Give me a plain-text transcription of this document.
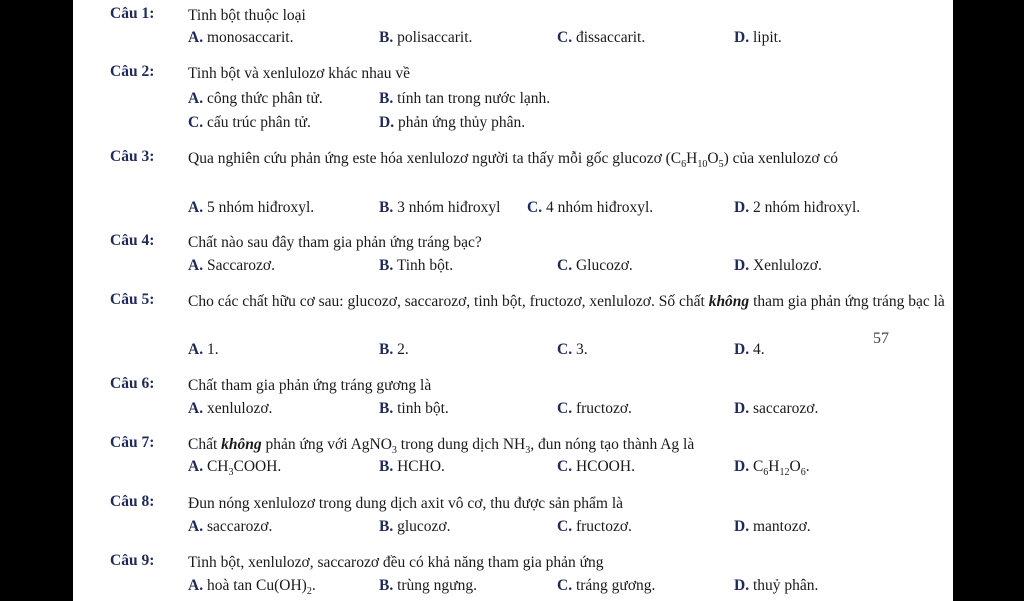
Câu 1: Tinh bột thuộc loại
A. monosaccarit.	B. polisaccarit.	C. đissaccarit.	D. lipit.
Câu 2: Tinh bột và xenlulozơ khác nhau về
A. công thức phân tử.	B. tính tan trong nước lạnh.
C. cấu trúc phân tử.	D. phản ứng thủy phân.
Câu 3: Qua nghiên cứu phản ứng este hóa xenlulozơ người ta thấy mỗi gốc glucozơ $(C_6H_{10}O_5)$ của xenlulozơ có
A. 5 nhóm hiđroxyl.	B. 3 nhóm hiđroxyl C. 4 nhóm hiđroxyl.	D. 2 nhóm hiđroxyl.
Câu 4: Chất nào sau đây tham gia phản ứng tráng bạc?
A. Saccarozơ.	B. Tinh bột.	C. Glucozơ.	D. Xenlulozơ.
Câu 5: Cho các chất hữu cơ sau: glucozơ, saccarozơ, tinh bột, fructozơ, xenlulozơ. Số chất không tham gia phản ứng tráng bạc là
A. 1.	B. 2.	C. 3.	D. 4.
57
Câu 6: Chất tham gia phản ứng tráng gương là
A. xenlulozơ.	B. tinh bột.	C. fructozơ.	D. saccarozơ.
Câu 7: Chất không phản ứng với AgNO$_3$ trong dung dịch $NH_3$, đun nóng tạo thành Ag là
A. $CH_3COOH$.	B. HCHO.	C. HCOOH.	D. $C_6H_{12}O_6$.
Câu 8: Đun nóng xenlulozơ trong dung dịch axit vô cơ, thu được sản phẩm là
A. saccarozơ.	B. glucozơ.	C. fructozơ.	D. mantozơ.
Câu 9: Tinh bột, xenlulozơ, saccarozơ đều có khả năng tham gia phản ứng
A. hoà $\tan Cu(OH)_2$.	B. trùng ngưng.	C. tráng gương.	D. thuỷ phân.
